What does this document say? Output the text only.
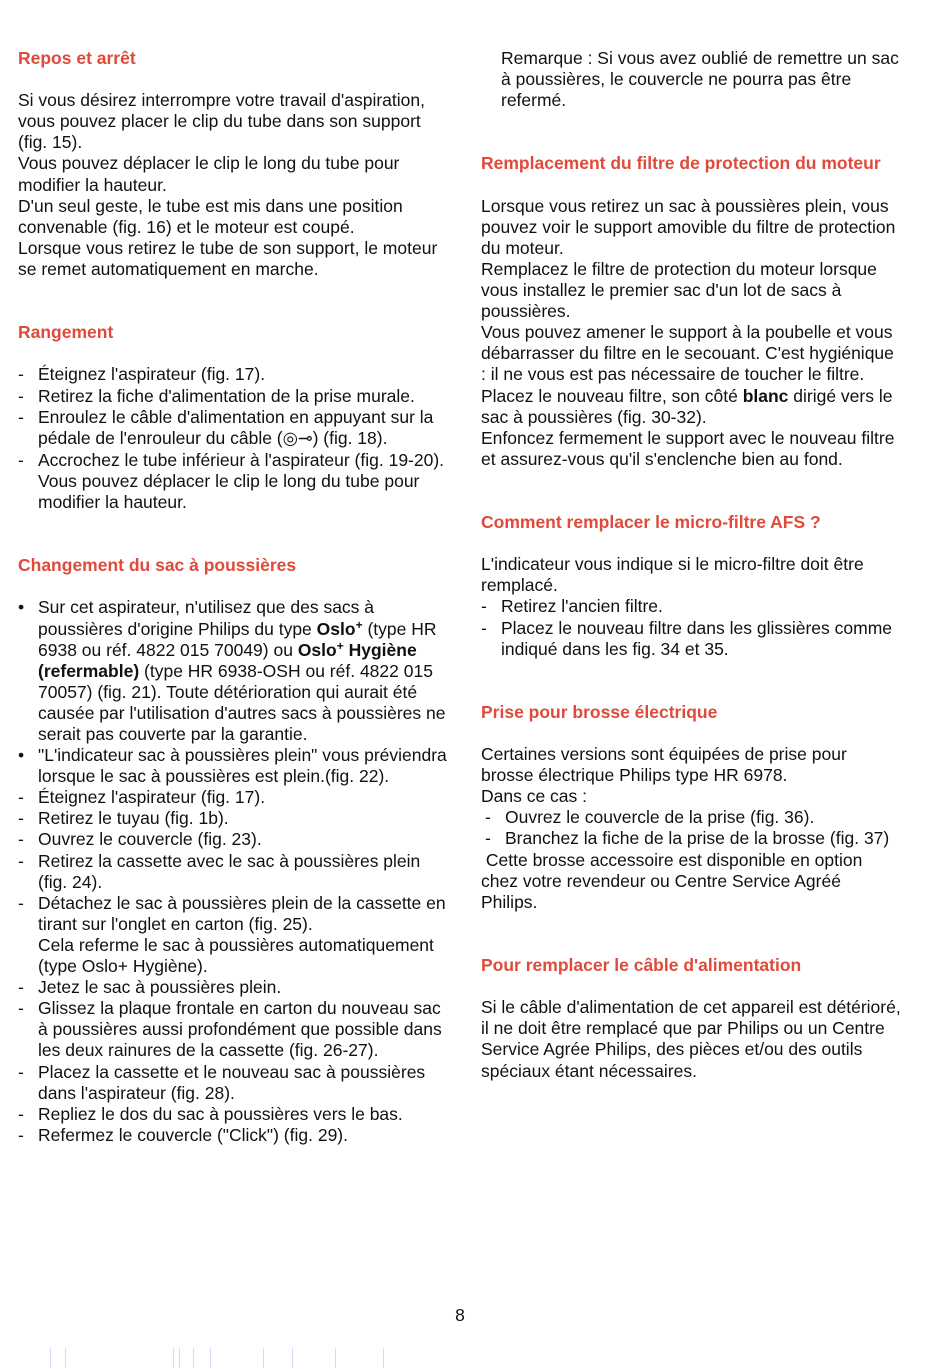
Repos et arrêt
Si vous désirez interrompre votre travail d'aspiration, vous pouvez placer le clip du tube dans son support (fig. 15).
Vous pouvez déplacer le clip le long du tube pour modifier la hauteur.
D'un seul geste, le tube est mis dans une position convenable (fig. 16) et le moteur est coupé.
Lorsque vous retirez le tube de son support, le moteur se remet automatiquement en marche.
Rangement
- Éteignez l'aspirateur (fig. 17).
- Retirez la fiche d'alimentation de la prise murale.
- Enroulez le câble d'alimentation en appuyant sur la pédale de l'enrouleur du câble (◎⊸) (fig. 18).
- Accrochez le tube inférieur à l'aspirateur (fig. 19-20). Vous pouvez déplacer le clip le long du tube pour modifier la hauteur.
Changement du sac à poussières
• Sur cet aspirateur, n'utilisez que des sacs à poussières d'origine Philips du type Oslo+ (type HR 6938 ou réf. 4822 015 70049) ou Oslo+ Hygiène (refermable) (type HR 6938-OSH ou réf. 4822 015 70057) (fig. 21). Toute détérioration qui aurait été causée par l'utilisation d'autres sacs à poussières ne serait pas couverte par la garantie.
• "L'indicateur sac à poussières plein" vous préviendra lorsque le sac à poussières est plein.(fig. 22).
- Éteignez l'aspirateur (fig. 17).
- Retirez le tuyau (fig. 1b).
- Ouvrez le couvercle (fig. 23).
- Retirez la cassette avec le sac à poussières plein (fig. 24).
- Détachez le sac à poussières plein de la cassette en tirant sur l'onglet en carton (fig. 25).
Cela referme le sac à poussières automatiquement (type Oslo+ Hygiène).
- Jetez le sac à poussières plein.
- Glissez la plaque frontale en carton du nouveau sac à poussières aussi profondément que possible dans les deux rainures de la cassette (fig. 26-27).
- Placez la cassette et le nouveau sac à poussières dans l'aspirateur (fig. 28).
- Repliez le dos du sac à poussières vers le bas.
- Refermez le couvercle ("Click") (fig. 29).
Remarque : Si vous avez oublié de remettre un sac à poussières, le couvercle ne pourra pas être refermé.
Remplacement du filtre de protection du moteur
Lorsque vous retirez un sac à poussières plein, vous pouvez voir le support amovible du filtre de protection du moteur.
Remplacez le filtre de protection du moteur lorsque vous installez le premier sac d'un lot de sacs à poussières.
Vous pouvez amener le support à la poubelle et vous débarrasser du filtre en le secouant. C'est hygiénique : il ne vous est pas nécessaire de toucher le filtre.
Placez le nouveau filtre, son côté blanc dirigé vers le sac à poussières (fig. 30-32).
Enfoncez fermement le support avec le nouveau filtre et assurez-vous qu'il s'enclenche bien au fond.
Comment remplacer le micro-filtre AFS ?
L'indicateur vous indique si le micro-filtre doit être remplacé.
- Retirez l'ancien filtre.
- Placez le nouveau filtre dans les glissières comme indiqué dans les fig. 34 et 35.
Prise pour brosse électrique
Certaines versions sont équipées de prise pour brosse électrique Philips type HR 6978.
Dans ce cas :
- Ouvrez le couvercle de la prise (fig. 36).
- Branchez la fiche de la prise de la brosse (fig. 37)
Cette brosse accessoire est disponible en option chez votre revendeur ou Centre Service Agréé Philips.
Pour remplacer le câble d'alimentation
Si le câble d'alimentation de cet appareil est détérioré, il ne doit être remplacé que par Philips ou un Centre Service Agrée Philips, des pièces et/ou des outils spéciaux étant nécessaires.
8
